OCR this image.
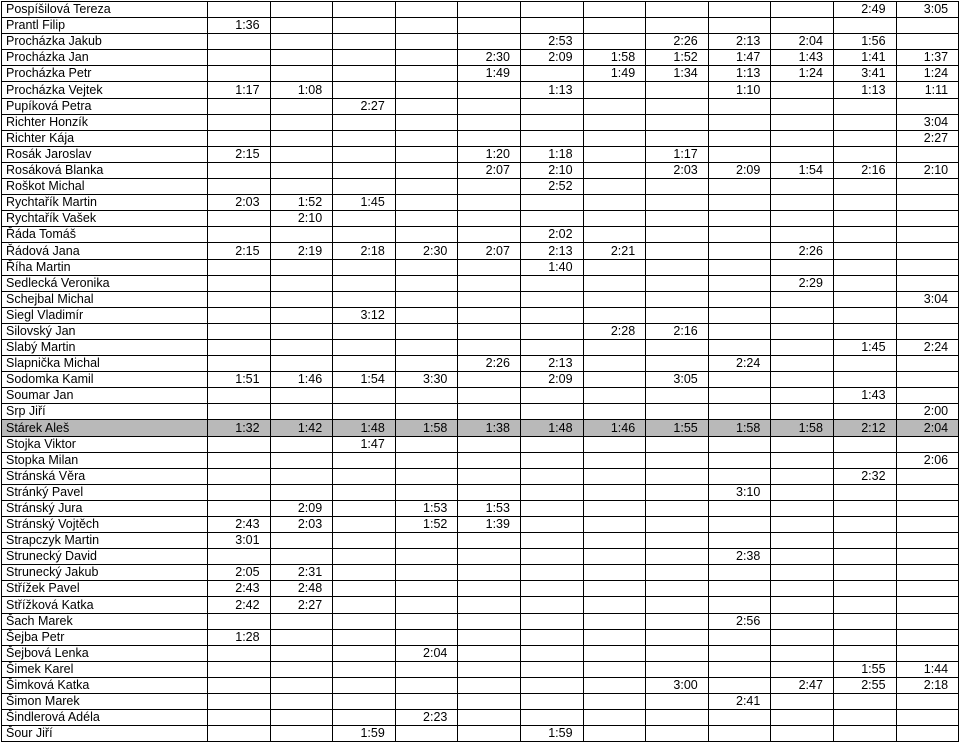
Pospíšilová Tereza											2:49	3:05
Prantl Filip	1:36											
Procházka Jakub						2:53		2:26	2:13	2:04	1:56	
Procházka Jan					2:30	2:09	1:58	1:52	1:47	1:43	1:41	1:37
Procházka Petr					1:49		1:49	1:34	1:13	1:24	3:41	1:24
Procházka Vejtek	1:17	1:08				1:13			1:10		1:13	1:11
Pupíková Petra			2:27									
Richter Honzík												3:04
Richter Kája												2:27
Rosák Jaroslav	2:15				1:20	1:18		1:17				
Rosáková Blanka					2:07	2:10		2:03	2:09	1:54	2:16	2:10
Roškot Michal						2:52						
Rychtařík Martin	2:03	1:52	1:45									
Rychtařík Vašek		2:10										
Řáda Tomáš						2:02						
Řádová Jana	2:15	2:19	2:18	2:30	2:07	2:13	2:21			2:26		
Říha Martin						1:40						
Sedlecká Veronika										2:29		
Schejbal Michal												3:04
Siegl Vladimír			3:12									
Silovský Jan							2:28	2:16				
Slabý Martin											1:45	2:24
Slapnička Michal					2:26	2:13			2:24			
Sodomka Kamil	1:51	1:46	1:54	3:30		2:09		3:05				
Soumar Jan											1:43	
Srp Jiří												2:00
Stárek Aleš	1:32	1:42	1:48	1:58	1:38	1:48	1:46	1:55	1:58	1:58	2:12	2:04
Stojka Viktor			1:47									
Stopka Milan												2:06
Stránská Věra											2:32	
Stránký Pavel									3:10			
Stránský Jura		2:09		1:53	1:53							
Stránský Vojtěch	2:43	2:03		1:52	1:39							
Strapczyk Martin	3:01											
Strunecký David									2:38			
Strunecký Jakub	2:05	2:31										
Střížek Pavel	2:43	2:48										
Střížková Katka	2:42	2:27										
Šach Marek									2:56			
Šejba Petr	1:28											
Šejbová Lenka				2:04								
Šimek Karel											1:55	1:44
Šimková Katka								3:00		2:47	2:55	2:18
Šimon Marek									2:41			
Šindlerová Adéla				2:23								
Šour Jiří			1:59			1:59						
